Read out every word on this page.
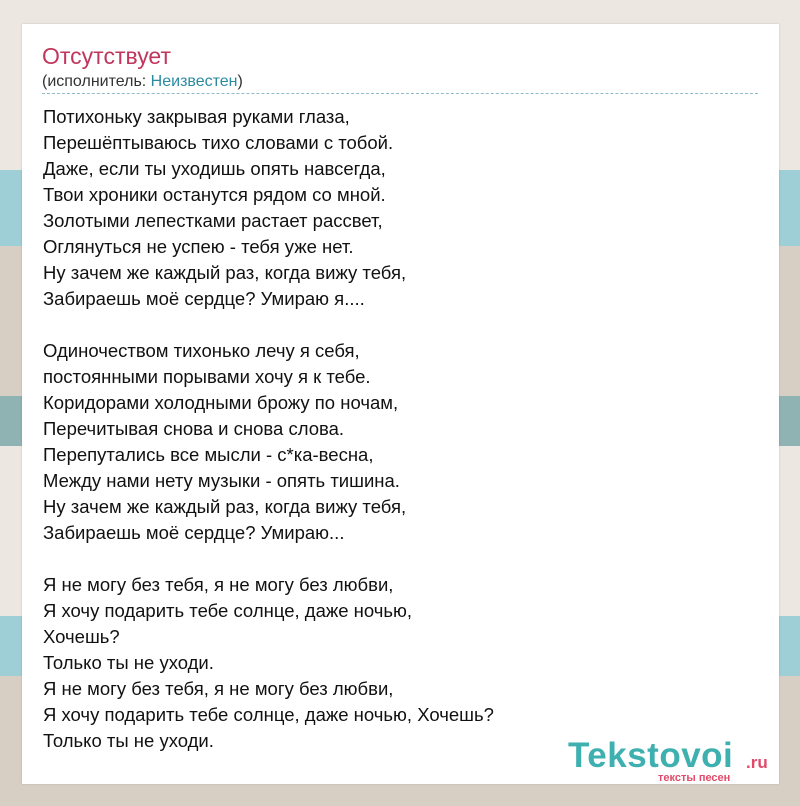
Отсутствует
(исполнитель: Неизвестен)
Потихоньку закрывая руками глаза,
Перешёптываюсь тихо словами с тобой.
Даже, если ты уходишь опять навсегда,
Твои хроники останутся рядом со мной.
Золотыми лепестками растает рассвет,
Оглянуться не успею - тебя уже нет.
Ну зачем же каждый раз, когда вижу тебя,
Забираешь моё сердце? Умираю я....
Одиночеством тихонько лечу я себя,
постоянными порывами хочу я к тебе.
Коридорами холодными брожу по ночам,
Перечитывая снова и снова слова.
Перепутались все мысли - с*ка-весна,
Между нами нету музыки - опять тишина.
Ну зачем же каждый раз, когда вижу тебя,
Забираешь моё сердце? Умираю...
Я не могу без тебя, я не могу без любви,
Я хочу подарить тебе солнце, даже ночью,
Хочешь?
Только ты не уходи.
Я не могу без тебя, я не могу без любви,
Я хочу подарить тебе солнце, даже ночью, Хочешь?
Только ты не уходи.	Tekstovoi .ru
тексты песен
